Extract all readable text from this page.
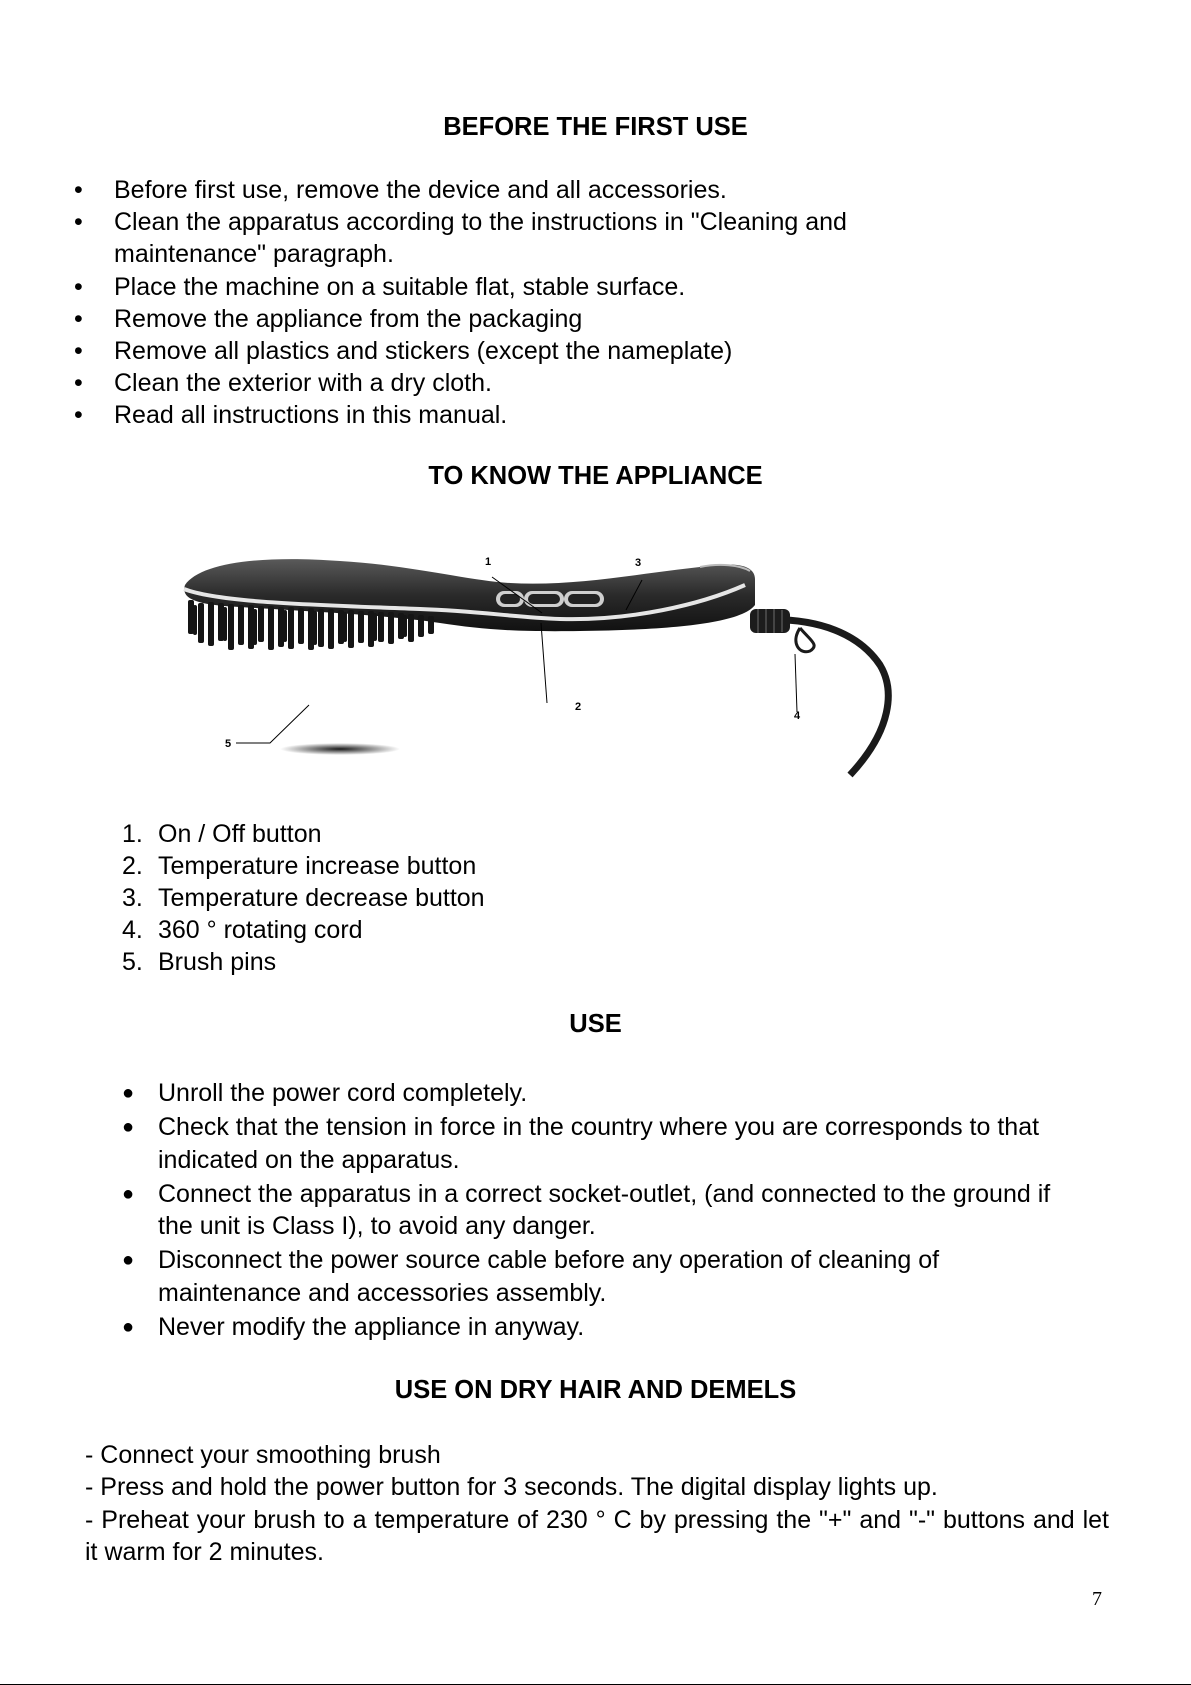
BEFORE THE FIRST USE
• Before first use, remove the device and all accessories.
• Clean the apparatus according to the instructions in "Cleaning and maintenance" paragraph.
• Place the machine on a suitable flat, stable surface.
• Remove the appliance from the packaging
• Remove all plastics and stickers (except the nameplate)
• Clean the exterior with a dry cloth.
• Read all instructions in this manual.
TO KNOW THE APPLIANCE
1
2
3
4
5
1. On / Off button
2. Temperature increase button
3. Temperature decrease button
4. 360 ° rotating cord
5. Brush pins
USE
● Unroll the power cord completely.
● Check that the tension in force in the country where you are corresponds to that indicated on the apparatus.
● Connect the apparatus in a correct socket-outlet, (and connected to the ground if the unit is Class I), to avoid any danger.
● Disconnect the power source cable before any operation of cleaning of maintenance and accessories assembly.
● Never modify the appliance in anyway.
USE ON DRY HAIR AND DEMELS

- Connect your smoothing brush

- Press and hold the power button for 3 seconds. The digital display lights up.

- Preheat your brush to a temperature of 230 ° C by pressing the "+" and "-" buttons and let it warm for 2 minutes.

7
